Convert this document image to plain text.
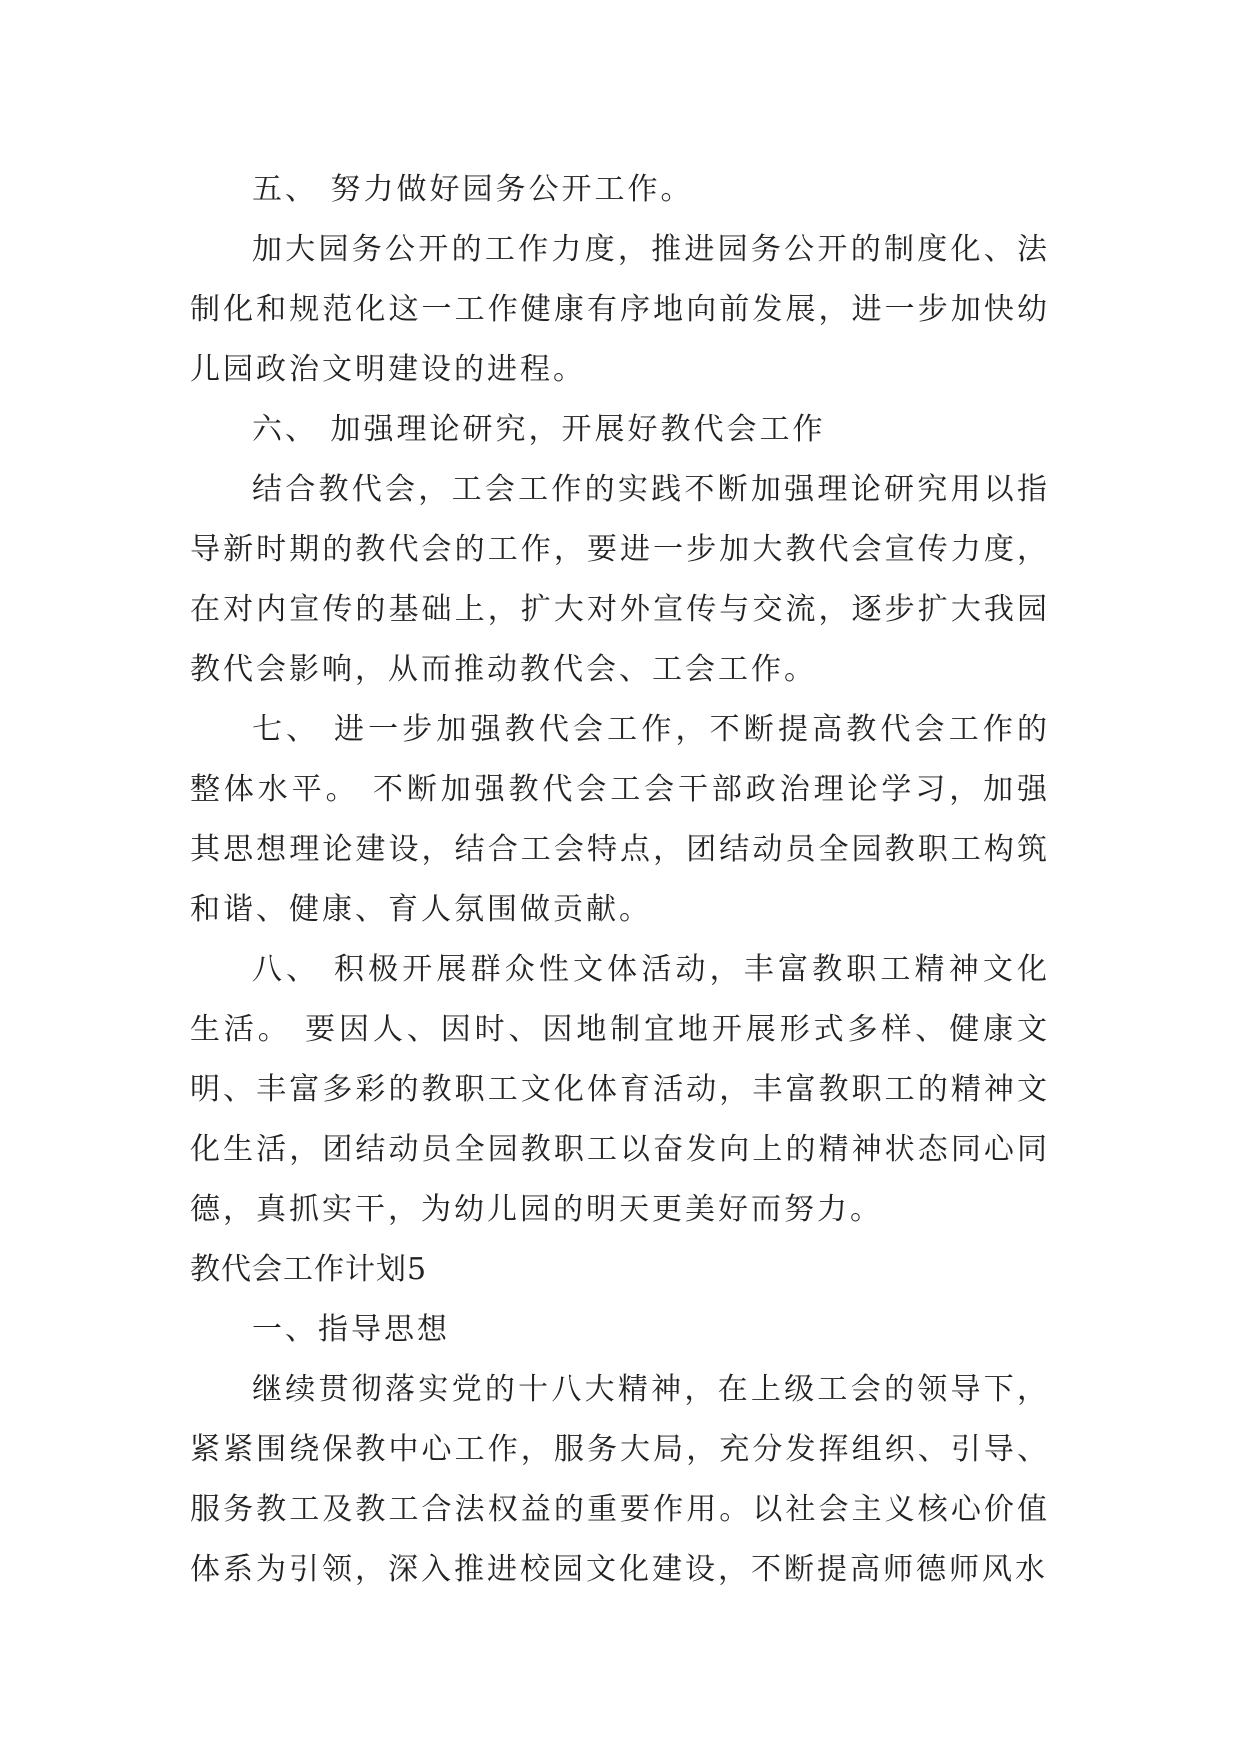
五、 努力做好园务公开工作。

加大园务公开的工作力度，推进园务公开的制度化、法制化和规范化这一工作健康有序地向前发展，进一步加快幼儿园政治文明建设的进程。

六、 加强理论研究，开展好教代会工作

结合教代会，工会工作的实践不断加强理论研究用以指导新时期的教代会的工作，要进一步加大教代会宣传力度，在对内宣传的基础上，扩大对外宣传与交流，逐步扩大我园教代会影响，从而推动教代会、工会工作。

七、 进一步加强教代会工作，不断提高教代会工作的整体水平。 不断加强教代会工会干部政治理论学习，加强其思想理论建设，结合工会特点，团结动员全园教职工构筑和谐、健康、育人氛围做贡献。

八、 积极开展群众性文体活动，丰富教职工精神文化生活。 要因人、因时、因地制宜地开展形式多样、健康文明、丰富多彩的教职工文化体育活动，丰富教职工的精神文化生活，团结动员全园教职工以奋发向上的精神状态同心同德，真抓实干，为幼儿园的明天更美好而努力。

教代会工作计划5

一、指导思想

继续贯彻落实党的十八大精神，在上级工会的领导下，紧紧围绕保教中心工作，服务大局，充分发挥组织、引导、服务教工及教工合法权益的重要作用。以社会主义核心价值体系为引领，深入推进校园文化建设，不断提高师德师风水
